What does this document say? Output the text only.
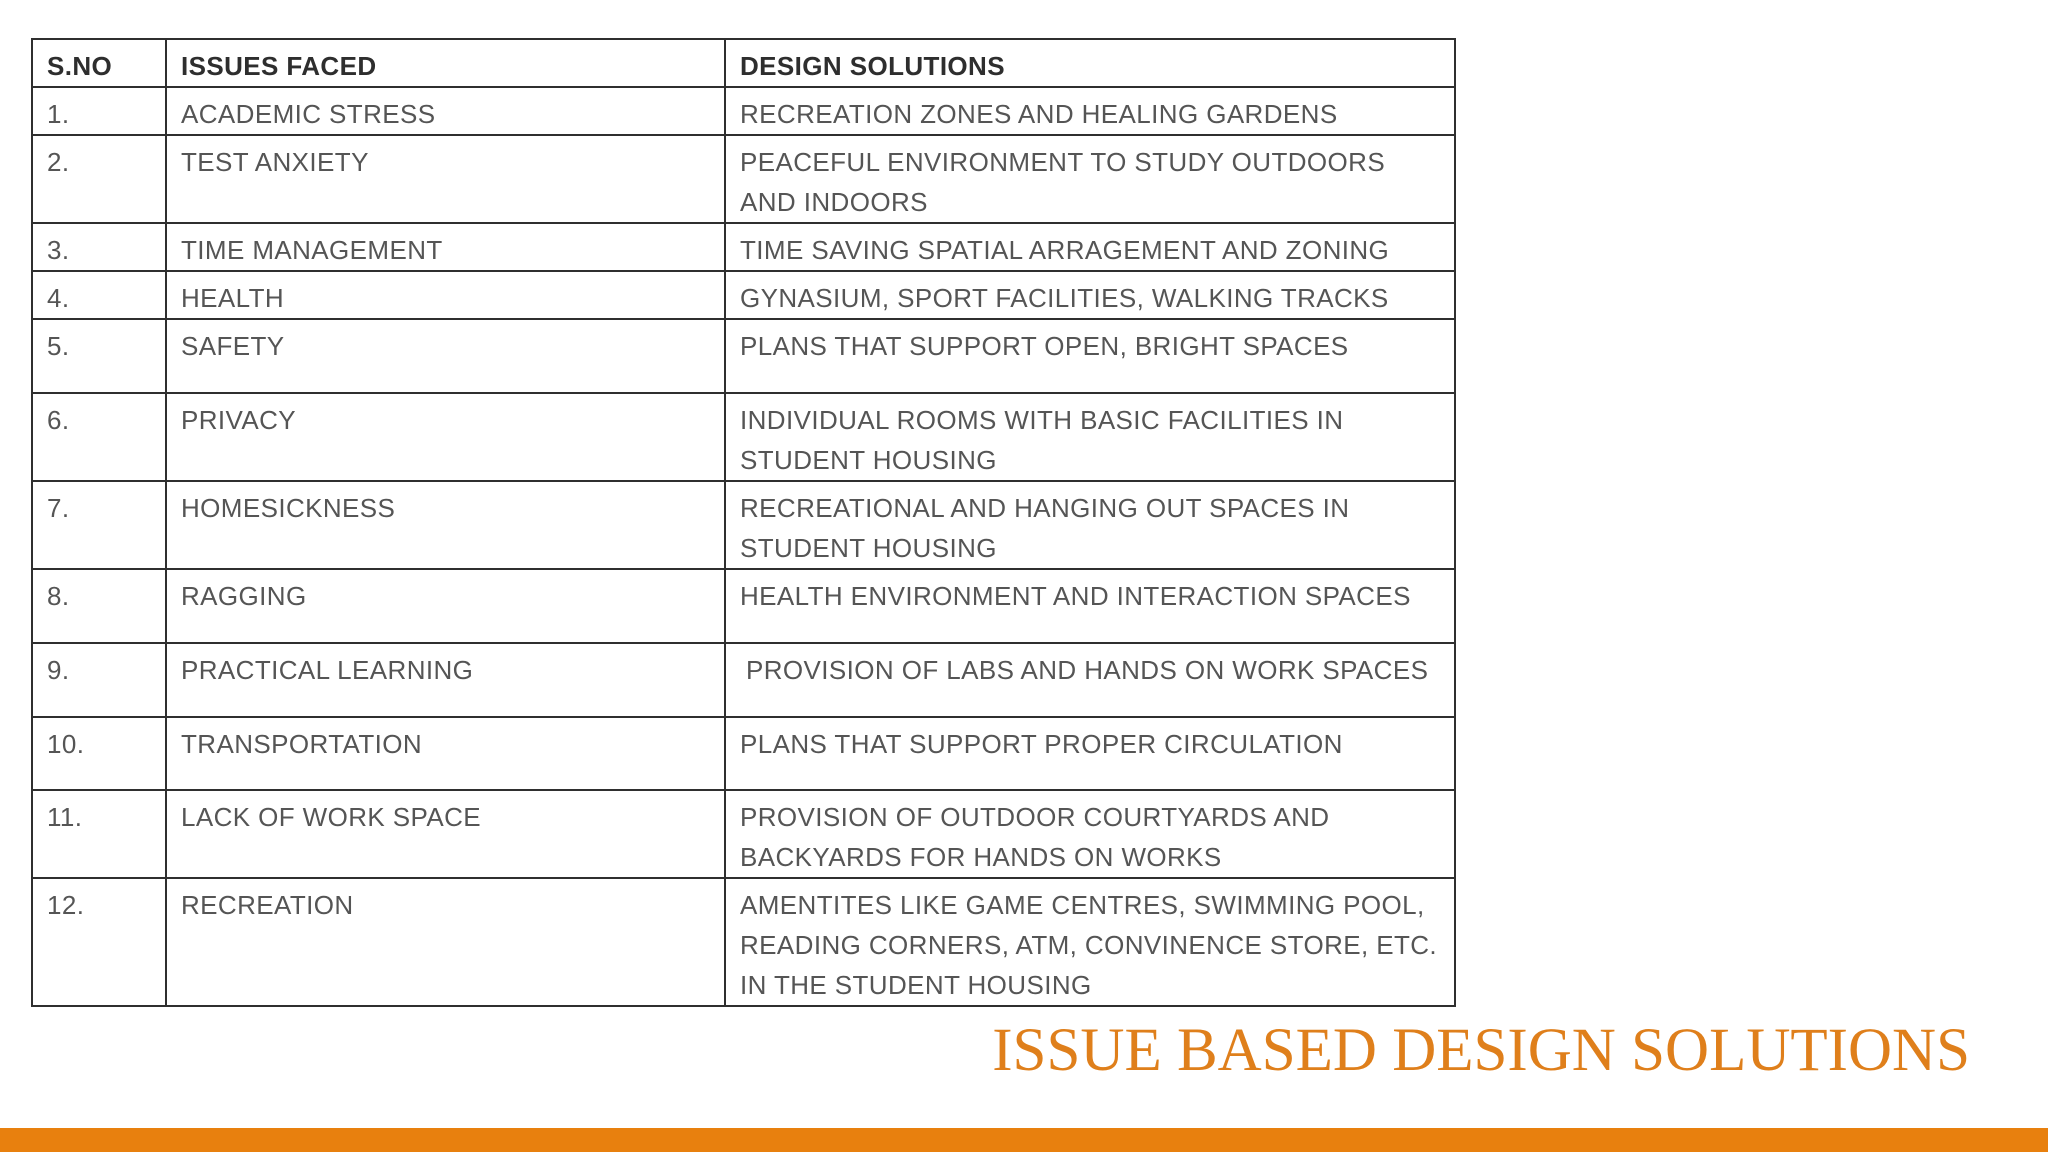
S.NO	ISSUES FACED	DESIGN SOLUTIONS
1.	ACADEMIC STRESS	RECREATION ZONES AND HEALING GARDENS
2.	TEST ANXIETY	PEACEFUL ENVIRONMENT TO STUDY OUTDOORS AND INDOORS
3.	TIME MANAGEMENT	TIME SAVING SPATIAL ARRAGEMENT AND ZONING
4.	HEALTH	GYNASIUM, SPORT FACILITIES, WALKING TRACKS
5.	SAFETY	PLANS THAT SUPPORT OPEN, BRIGHT SPACES
6.	PRIVACY	INDIVIDUAL ROOMS WITH BASIC FACILITIES IN STUDENT HOUSING
7.	HOMESICKNESS	RECREATIONAL AND HANGING OUT SPACES IN STUDENT HOUSING
8.	RAGGING	HEALTH ENVIRONMENT AND INTERACTION SPACES
9.	PRACTICAL LEARNING	PROVISION OF LABS AND HANDS ON WORK SPACES
10.	TRANSPORTATION	PLANS THAT SUPPORT PROPER CIRCULATION
11.	LACK OF WORK SPACE	PROVISION OF OUTDOOR COURTYARDS AND BACKYARDS FOR HANDS ON WORKS
12.	RECREATION	AMENTITES LIKE GAME CENTRES, SWIMMING POOL, READING CORNERS, ATM, CONVINENCE STORE, ETC. IN THE STUDENT HOUSING
ISSUE BASED DESIGN SOLUTIONS
